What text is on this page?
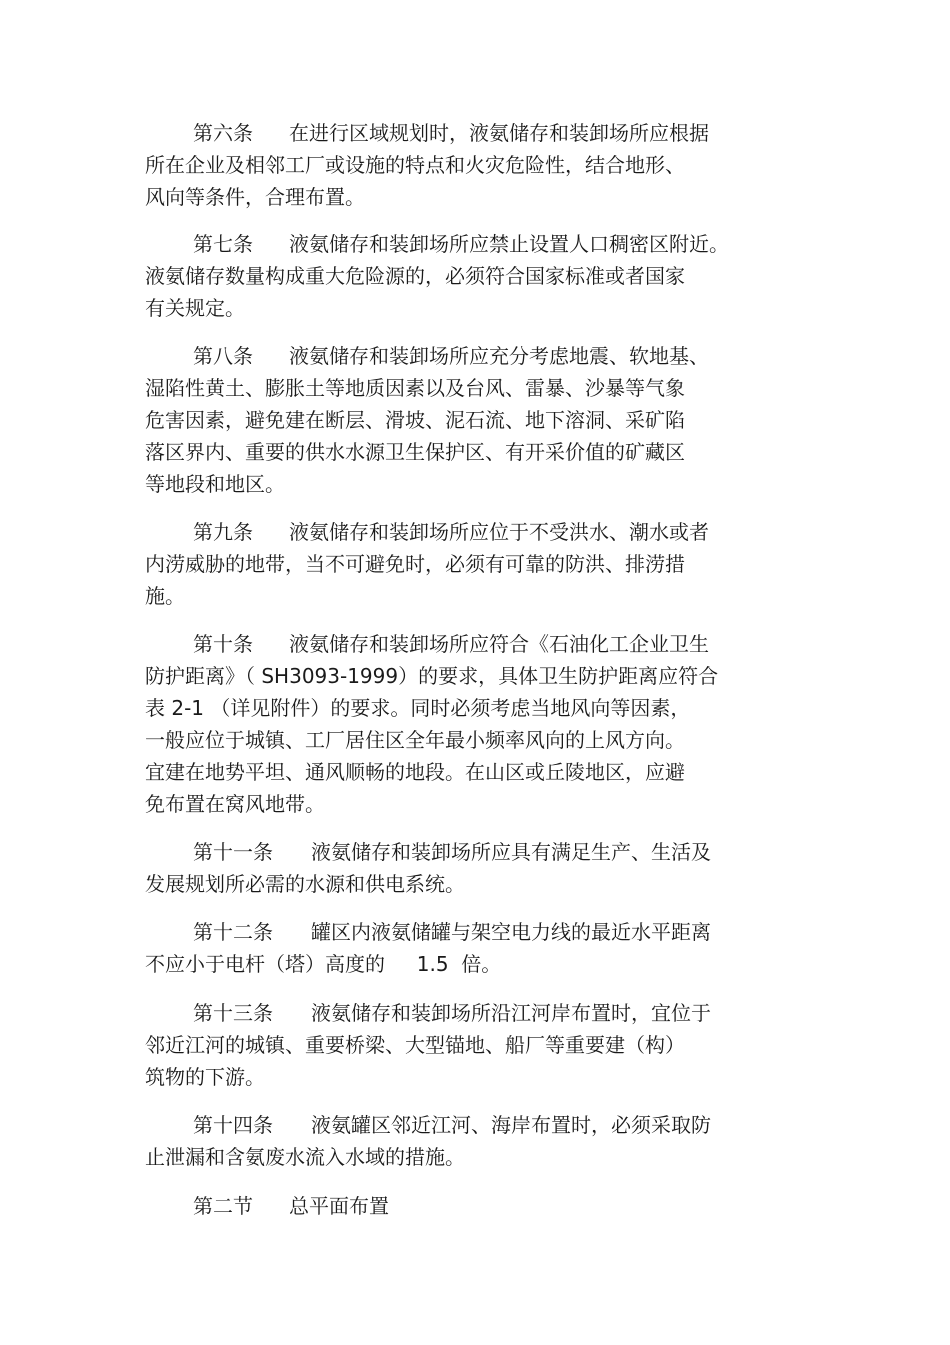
第六条 在进行区域规划时，液氨储存和装卸场所应根据
所在企业及相邻工厂或设施的特点和火灾危险性，结合地形、
风向等条件，合理布置。
第七条 液氨储存和装卸场所应禁止设置人口稠密区附近。
液氨储存数量构成重大危险源的，必须符合国家标准或者国家
有关规定。
第八条 液氨储存和装卸场所应充分考虑地震、软地基、
湿陷性黄土、膨胀土等地质因素以及台风、雷暴、沙暴等气象
危害因素，避免建在断层、滑坡、泥石流、地下溶洞、采矿陷
落区界内、重要的供水水源卫生保护区、有开采价值的矿藏区
等地段和地区。
第九条 液氨储存和装卸场所应位于不受洪水、潮水或者
内涝威胁的地带，当不可避免时，必须有可靠的防洪、排涝措
施。
第十条 液氨储存和装卸场所应符合《石油化工企业卫生
防护距离》（ SH3093-1999）的要求，具体卫生防护距离应符合
表 2-1 （详见附件）的要求。同时必须考虑当地风向等因素，
一般应位于城镇、工厂居住区全年最小频率风向的上风方向。
宜建在地势平坦、通风顺畅的地段。在山区或丘陵地区，应避
免布置在窝风地带。
第十一条 液氨储存和装卸场所应具有满足生产、生活及
发展规划所必需的水源和供电系统。
第十二条 罐区内液氨储罐与架空电力线的最近水平距离
不应小于电杆（塔）高度的     1.5  倍。
第十三条 液氨储存和装卸场所沿江河岸布置时，宜位于
邻近江河的城镇、重要桥梁、大型锚地、船厂等重要建（构）
筑物的下游。
第十四条 液氨罐区邻近江河、海岸布置时，必须采取防
止泄漏和含氨废水流入水域的措施。
第二节 总平面布置
